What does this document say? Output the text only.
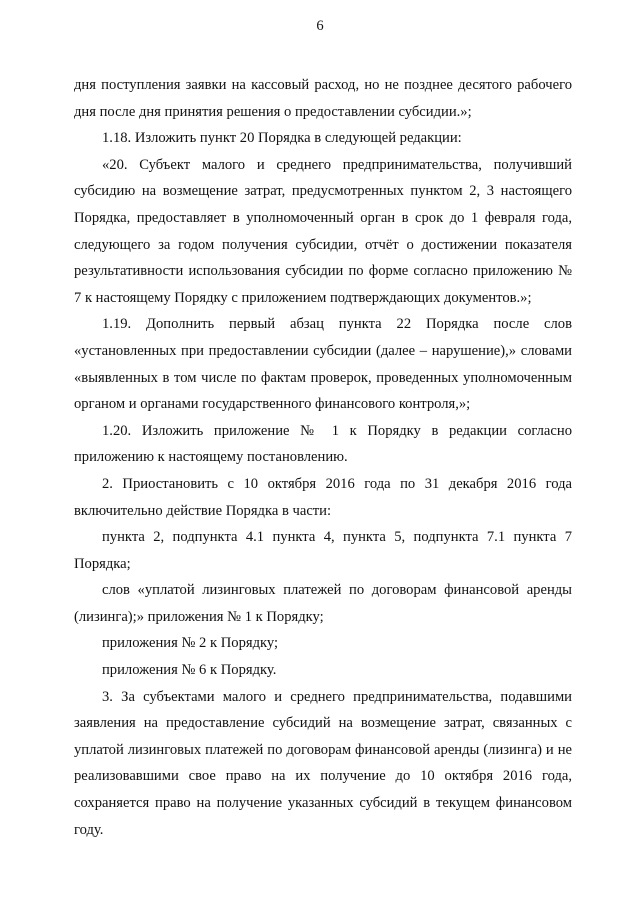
6

дня поступления заявки на кассовый расход, но не позднее десятого рабочего дня после дня принятия решения о предоставлении субсидии.»;

1.18. Изложить пункт 20 Порядка в следующей редакции:

«20. Субъект малого и среднего предпринимательства, получивший субсидию на возмещение затрат, предусмотренных пунктом 2, 3 настоящего Порядка, предоставляет в уполномоченный орган в срок до 1 февраля года, следующего за годом получения субсидии, отчёт о достижении показателя результативности использования субсидии по форме согласно приложению № 7 к настоящему Порядку с приложением подтверждающих документов.»;

1.19. Дополнить первый абзац пункта 22 Порядка после слов «установленных при предоставлении субсидии (далее – нарушение),» словами «выявленных в том числе по фактам проверок, проведенных уполномоченным органом и органами государственного финансового контроля,»;

1.20. Изложить приложение № 1 к Порядку в редакции согласно приложению к настоящему постановлению.

2. Приостановить с 10 октября 2016 года по 31 декабря 2016 года включительно действие Порядка в части:

пункта 2, подпункта 4.1 пункта 4, пункта 5, подпункта 7.1 пункта 7 Порядка;

слов «уплатой лизинговых платежей по договорам финансовой аренды (лизинга);» приложения № 1 к Порядку;

приложения № 2 к Порядку;

приложения № 6 к Порядку.

3. За субъектами малого и среднего предпринимательства, подавшими заявления на предоставление субсидий на возмещение затрат, связанных с уплатой лизинговых платежей по договорам финансовой аренды (лизинга) и не реализовавшими свое право на их получение до 10 октября 2016 года, сохраняется право на получение указанных субсидий в текущем финансовом году.
